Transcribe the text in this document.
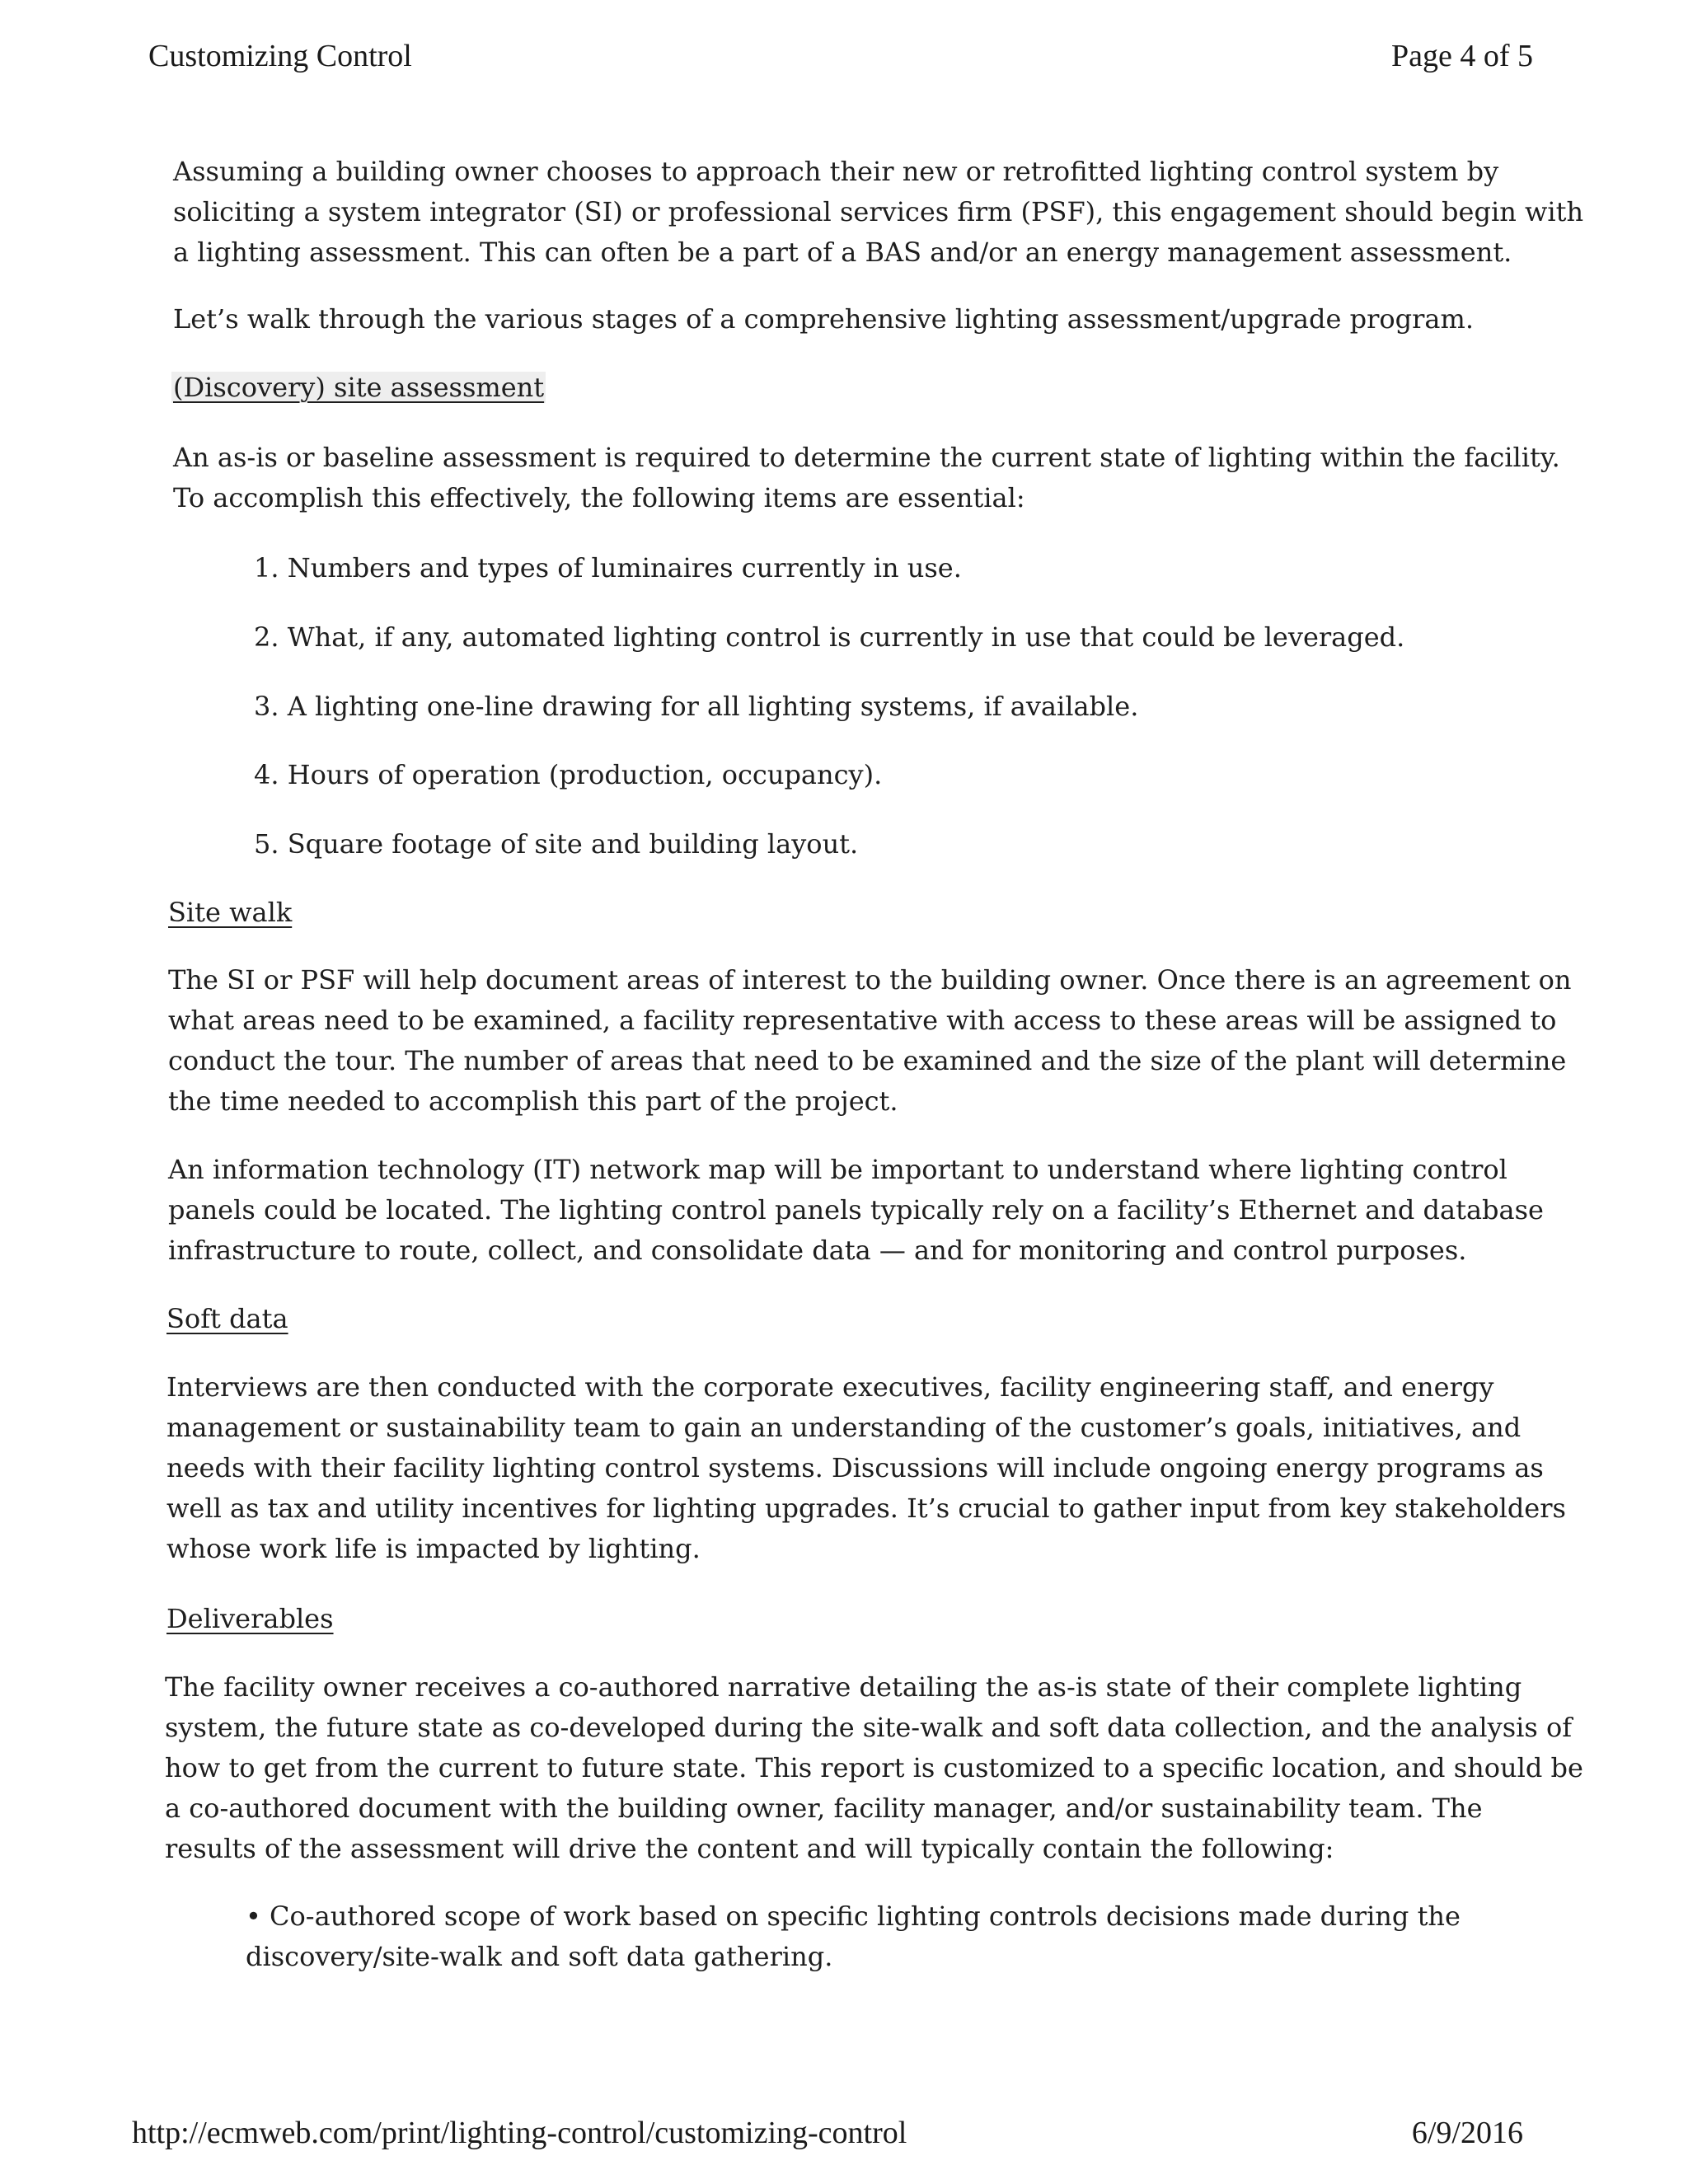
Customizing Control	Page 4 of 5
Assuming a building owner chooses to approach their new or retrofitted lighting control system by
soliciting a system integrator (SI) or professional services firm (PSF), this engagement should begin with
a lighting assessment. This can often be a part of a BAS and/or an energy management assessment.
Let’s walk through the various stages of a comprehensive lighting assessment/upgrade program.
(Discovery) site assessment
An as-is or baseline assessment is required to determine the current state of lighting within the facility.
To accomplish this effectively, the following items are essential:
1. Numbers and types of luminaires currently in use.
2. What, if any, automated lighting control is currently in use that could be leveraged.
3. A lighting one-line drawing for all lighting systems, if available.
4. Hours of operation (production, occupancy).
5. Square footage of site and building layout.
Site walk
The SI or PSF will help document areas of interest to the building owner. Once there is an agreement on
what areas need to be examined, a facility representative with access to these areas will be assigned to
conduct the tour. The number of areas that need to be examined and the size of the plant will determine
the time needed to accomplish this part of the project.
An information technology (IT) network map will be important to understand where lighting control
panels could be located. The lighting control panels typically rely on a facility’s Ethernet and database
infrastructure to route, collect, and consolidate data — and for monitoring and control purposes.
Soft data
Interviews are then conducted with the corporate executives, facility engineering staff, and energy
management or sustainability team to gain an understanding of the customer’s goals, initiatives, and
needs with their facility lighting control systems. Discussions will include ongoing energy programs as
well as tax and utility incentives for lighting upgrades. It’s crucial to gather input from key stakeholders
whose work life is impacted by lighting.
Deliverables
The facility owner receives a co-authored narrative detailing the as-is state of their complete lighting
system, the future state as co-developed during the site-walk and soft data collection, and the analysis of
how to get from the current to future state. This report is customized to a specific location, and should be
a co-authored document with the building owner, facility manager, and/or sustainability team. The
results of the assessment will drive the content and will typically contain the following:
• Co-authored scope of work based on specific lighting controls decisions made during the
discovery/site-walk and soft data gathering.
http://ecmweb.com/print/lighting-control/customizing-control	6/9/2016
